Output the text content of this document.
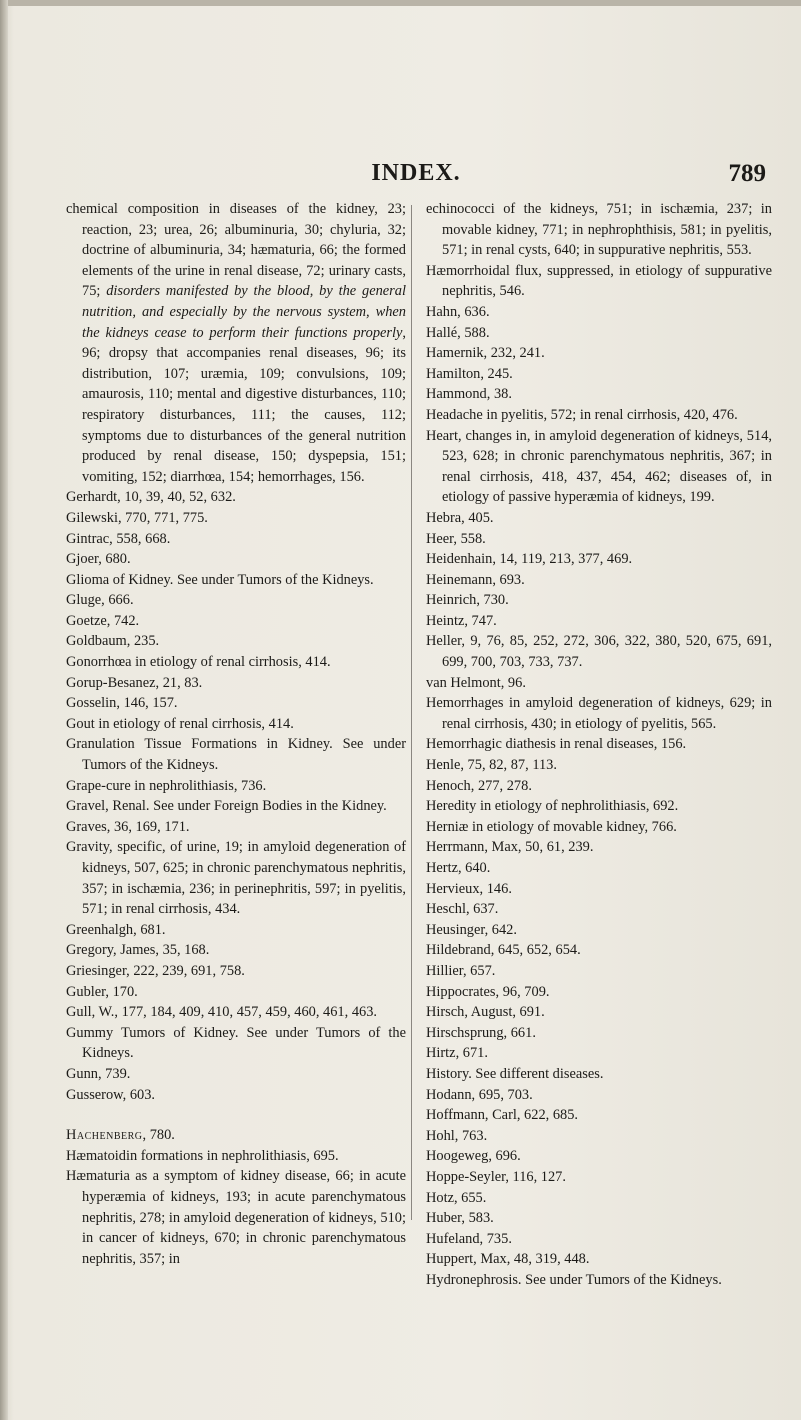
INDEX.	789
chemical composition in diseases of the kidney, 23; reaction, 23; urea, 26; albuminuria, 30; chyluria, 32; doctrine of albuminuria, 34; hæmaturia, 66; the formed elements of the urine in renal disease, 72; urinary casts, 75; disorders manifested by the blood, by the general nutrition, and especially by the nervous system, when the kidneys cease to perform their functions properly, 96; dropsy that accompanies renal diseases, 96; its distribution, 107; uræmia, 109; convulsions, 109; amaurosis, 110; mental and digestive disturbances, 110; respiratory disturbances, 111; the causes, 112; symptoms due to disturbances of the general nutrition produced by renal disease, 150; dyspepsia, 151; vomiting, 152; diarrhœa, 154; hemorrhages, 156.
Gerhardt, 10, 39, 40, 52, 632.
Gilewski, 770, 771, 775.
Gintrac, 558, 668.
Gjoer, 680.
Glioma of Kidney. See under Tumors of the Kidneys.
Gluge, 666.
Goetze, 742.
Goldbaum, 235.
Gonorrhœa in etiology of renal cirrhosis, 414.
Gorup-Besanez, 21, 83.
Gosselin, 146, 157.
Gout in etiology of renal cirrhosis, 414.
Granulation Tissue Formations in Kidney. See under Tumors of the Kidneys.
Grape-cure in nephrolithiasis, 736.
Gravel, Renal. See under Foreign Bodies in the Kidney.
Graves, 36, 169, 171.
Gravity, specific, of urine, 19; in amyloid degeneration of kidneys, 507, 625; in chronic parenchymatous nephritis, 357; in ischæmia, 236; in perinephritis, 597; in pyelitis, 571; in renal cirrhosis, 434.
Greenhalgh, 681.
Gregory, James, 35, 168.
Griesinger, 222, 239, 691, 758.
Gubler, 170.
Gull, W., 177, 184, 409, 410, 457, 459, 460, 461, 463.
Gummy Tumors of Kidney. See under Tumors of the Kidneys.
Gunn, 739.
Gusserow, 603.
Hachenberg, 780.
Hæmatoidin formations in nephrolithiasis, 695.
Hæmaturia as a symptom of kidney disease, 66; in acute hyperæmia of kidneys, 193; in acute parenchymatous nephritis, 278; in amyloid degeneration of kidneys, 510; in cancer of kidneys, 670; in chronic parenchymatous nephritis, 357; in
echinococci of the kidneys, 751; in ischæmia, 237; in movable kidney, 771; in nephrophthisis, 581; in pyelitis, 571; in renal cysts, 640; in suppurative nephritis, 553.
Hæmorrhoidal flux, suppressed, in etiology of suppurative nephritis, 546.
Hahn, 636.
Hallé, 588.
Hamernik, 232, 241.
Hamilton, 245.
Hammond, 38.
Headache in pyelitis, 572; in renal cirrhosis, 420, 476.
Heart, changes in, in amyloid degeneration of kidneys, 514, 523, 628; in chronic parenchymatous nephritis, 367; in renal cirrhosis, 418, 437, 454, 462; diseases of, in etiology of passive hyperæmia of kidneys, 199.
Hebra, 405.
Heer, 558.
Heidenhain, 14, 119, 213, 377, 469.
Heinemann, 693.
Heinrich, 730.
Heintz, 747.
Heller, 9, 76, 85, 252, 272, 306, 322, 380, 520, 675, 691, 699, 700, 703, 733, 737.
van Helmont, 96.
Hemorrhages in amyloid degeneration of kidneys, 629; in renal cirrhosis, 430; in etiology of pyelitis, 565.
Hemorrhagic diathesis in renal diseases, 156.
Henle, 75, 82, 87, 113.
Henoch, 277, 278.
Heredity in etiology of nephrolithiasis, 692.
Herniæ in etiology of movable kidney, 766.
Herrmann, Max, 50, 61, 239.
Hertz, 640.
Hervieux, 146.
Heschl, 637.
Heusinger, 642.
Hildebrand, 645, 652, 654.
Hillier, 657.
Hippocrates, 96, 709.
Hirsch, August, 691.
Hirschsprung, 661.
Hirtz, 671.
History. See different diseases.
Hodann, 695, 703.
Hoffmann, Carl, 622, 685.
Hohl, 763.
Hoogeweg, 696.
Hoppe-Seyler, 116, 127.
Hotz, 655.
Huber, 583.
Hufeland, 735.
Huppert, Max, 48, 319, 448.
Hydronephrosis. See under Tumors of the Kidneys.
